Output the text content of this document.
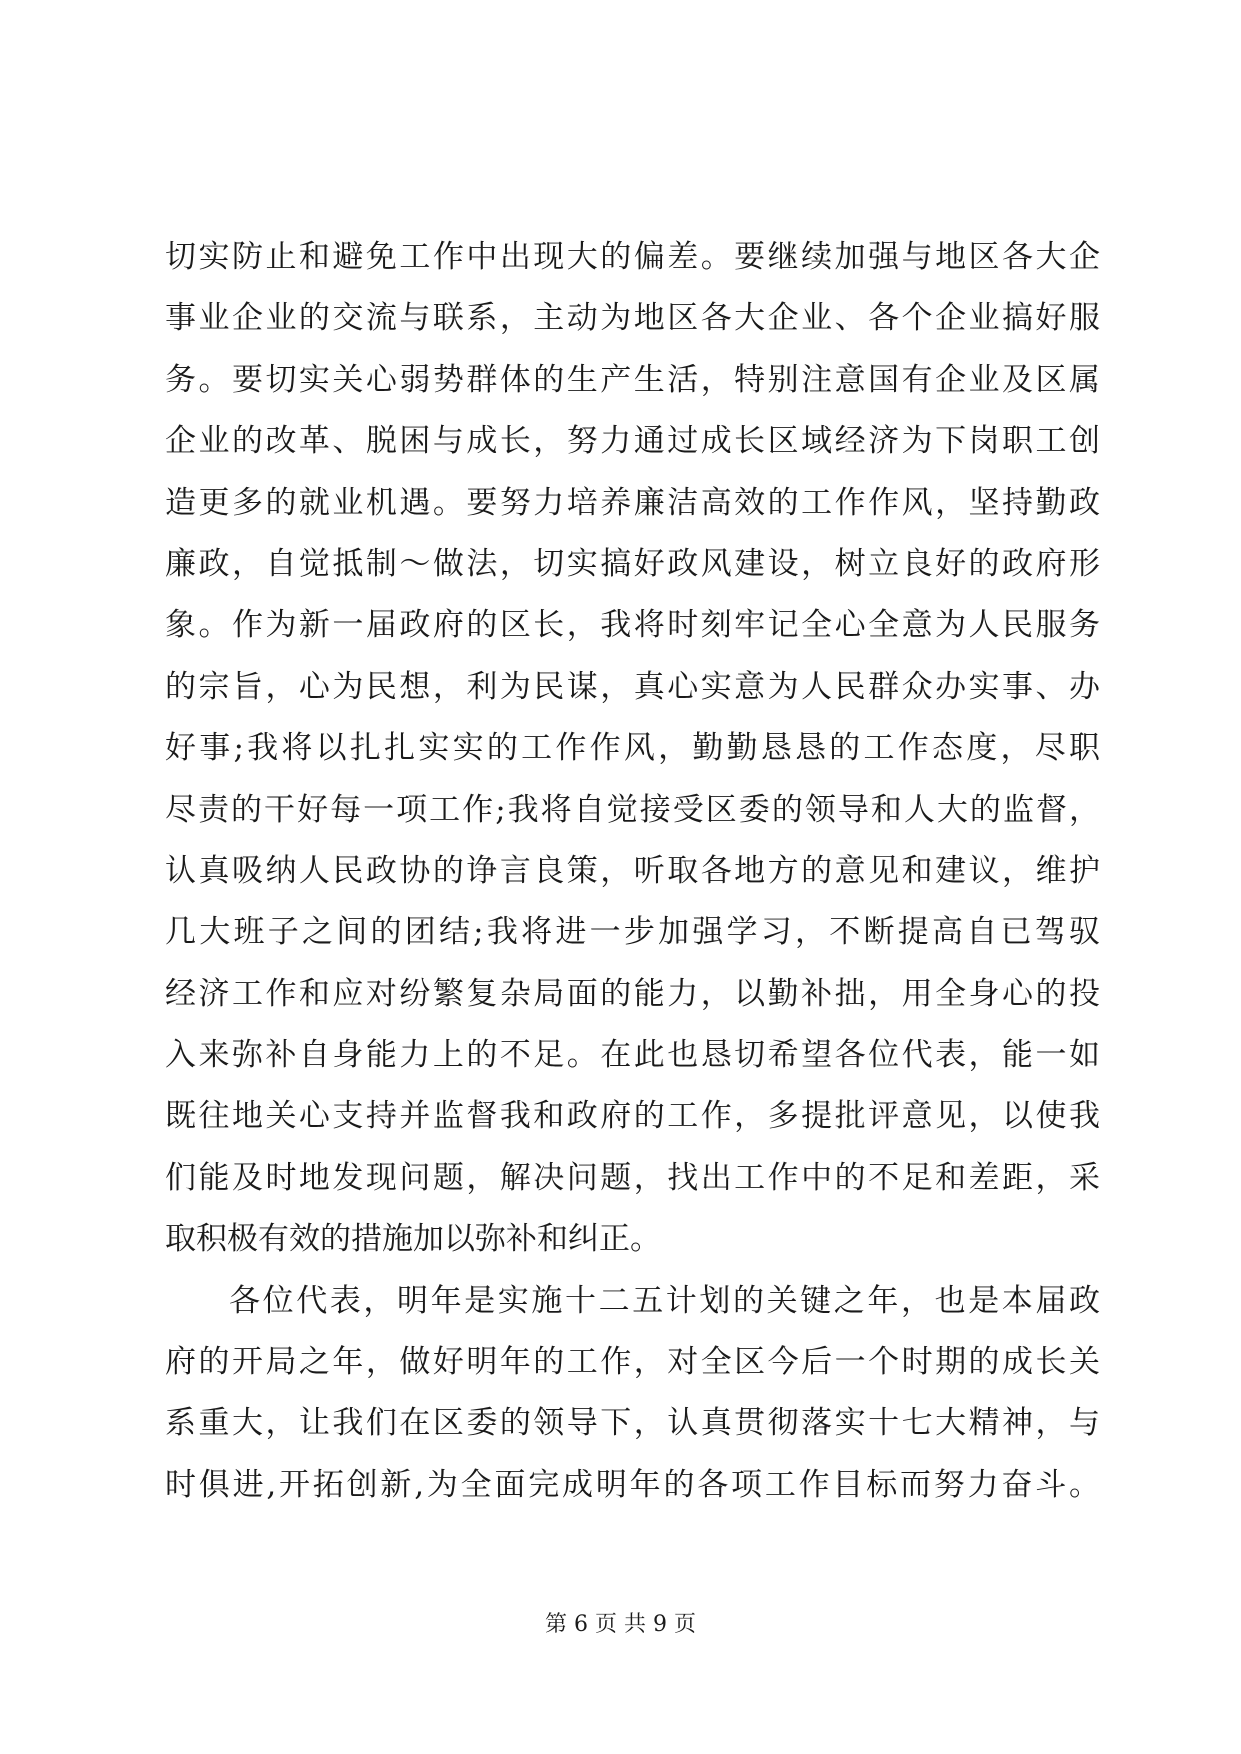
切实防止和避免工作中出现大的偏差。要继续加强与地区各大企
事业企业的交流与联系，主动为地区各大企业、各个企业搞好服
务。要切实关心弱势群体的生产生活，特别注意国有企业及区属
企业的改革、脱困与成长，努力通过成长区域经济为下岗职工创
造更多的就业机遇。要努力培养廉洁高效的工作作风，坚持勤政
廉政，自觉抵制～做法，切实搞好政风建设，树立良好的政府形
象。作为新一届政府的区长，我将时刻牢记全心全意为人民服务
的宗旨，心为民想，利为民谋，真心实意为人民群众办实事、办
好事;我将以扎扎实实的工作作风，勤勤恳恳的工作态度，尽职
尽责的干好每一项工作;我将自觉接受区委的领导和人大的监督，
认真吸纳人民政协的诤言良策，听取各地方的意见和建议，维护
几大班子之间的团结;我将进一步加强学习，不断提高自已驾驭
经济工作和应对纷繁复杂局面的能力，以勤补拙，用全身心的投
入来弥补自身能力上的不足。在此也恳切希望各位代表，能一如
既往地关心支持并监督我和政府的工作，多提批评意见，以使我
们能及时地发现问题，解决问题，找出工作中的不足和差距，采
取积极有效的措施加以弥补和纠正。
各位代表，明年是实施十二五计划的关键之年，也是本届政
府的开局之年，做好明年的工作，对全区今后一个时期的成长关
系重大，让我们在区委的领导下，认真贯彻落实十七大精神，与
时俱进,开拓创新,为全面完成明年的各项工作目标而努力奋斗。
第 6 页 共 9 页
